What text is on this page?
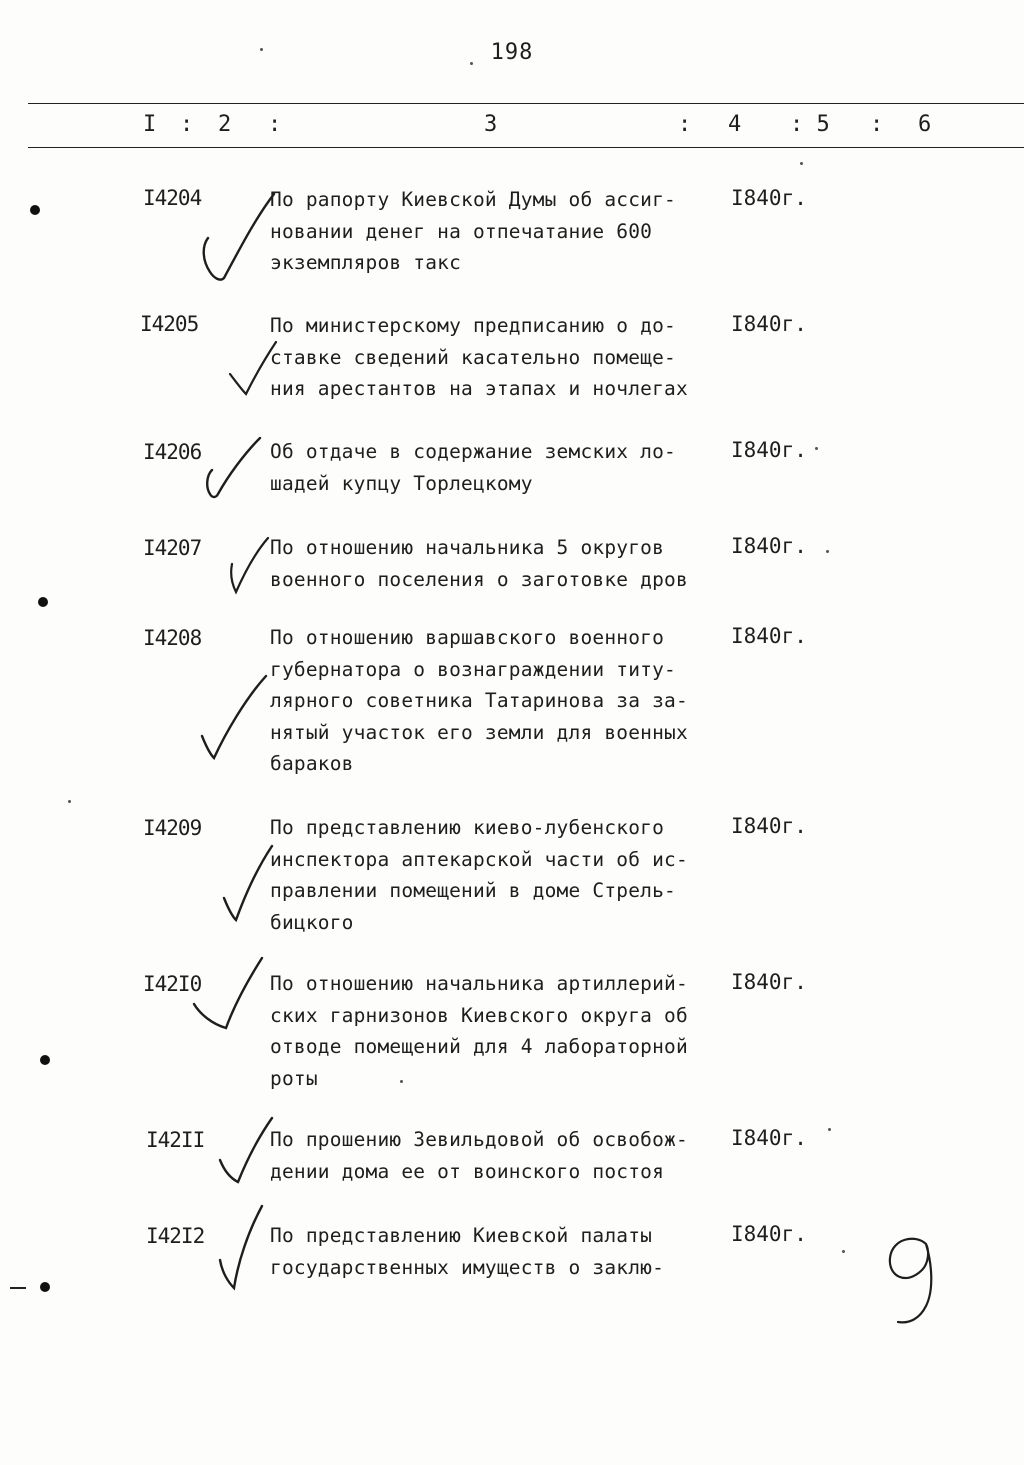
198
I : 2 :	3	: 4 : 5 : 6
I4204	По рапорту Киевской Думы об ассиг-
новании денег на отпечатание 600
экземпляров такс
I840г.
I4205	По министерскому предписанию о до-
ставке сведений касательно помеще-
ния арестантов на этапах и ночлегах
I840г.
I4206	Об отдаче в содержание земских ло-
шадей купцу Торлецкому
I840г.
I4207	По отношению начальника 5 округов
военного поселения о заготовке дров
I840г.
I4208	По отношению варшавского военного
губернатора о вознаграждении титу-
лярного советника Татаринова за за-
нятый участок его земли для военных
бараков
I840г.
I4209	По представлению киево-лубенского
инспектора аптекарской части об ис-
правлении помещений в доме Стрель-
бицкого
I840г.
I42I0	По отношению начальника артиллерий-
ских гарнизонов Киевского округа об
отводе помещений для 4 лабораторной
роты
I840г.
I42II	По прошению Зевильдовой об освобож-
дении дома ее от воинского постоя
I840г.
I42I2	По представлению Киевской палаты
государственных имуществ о заклю-
I840г.
